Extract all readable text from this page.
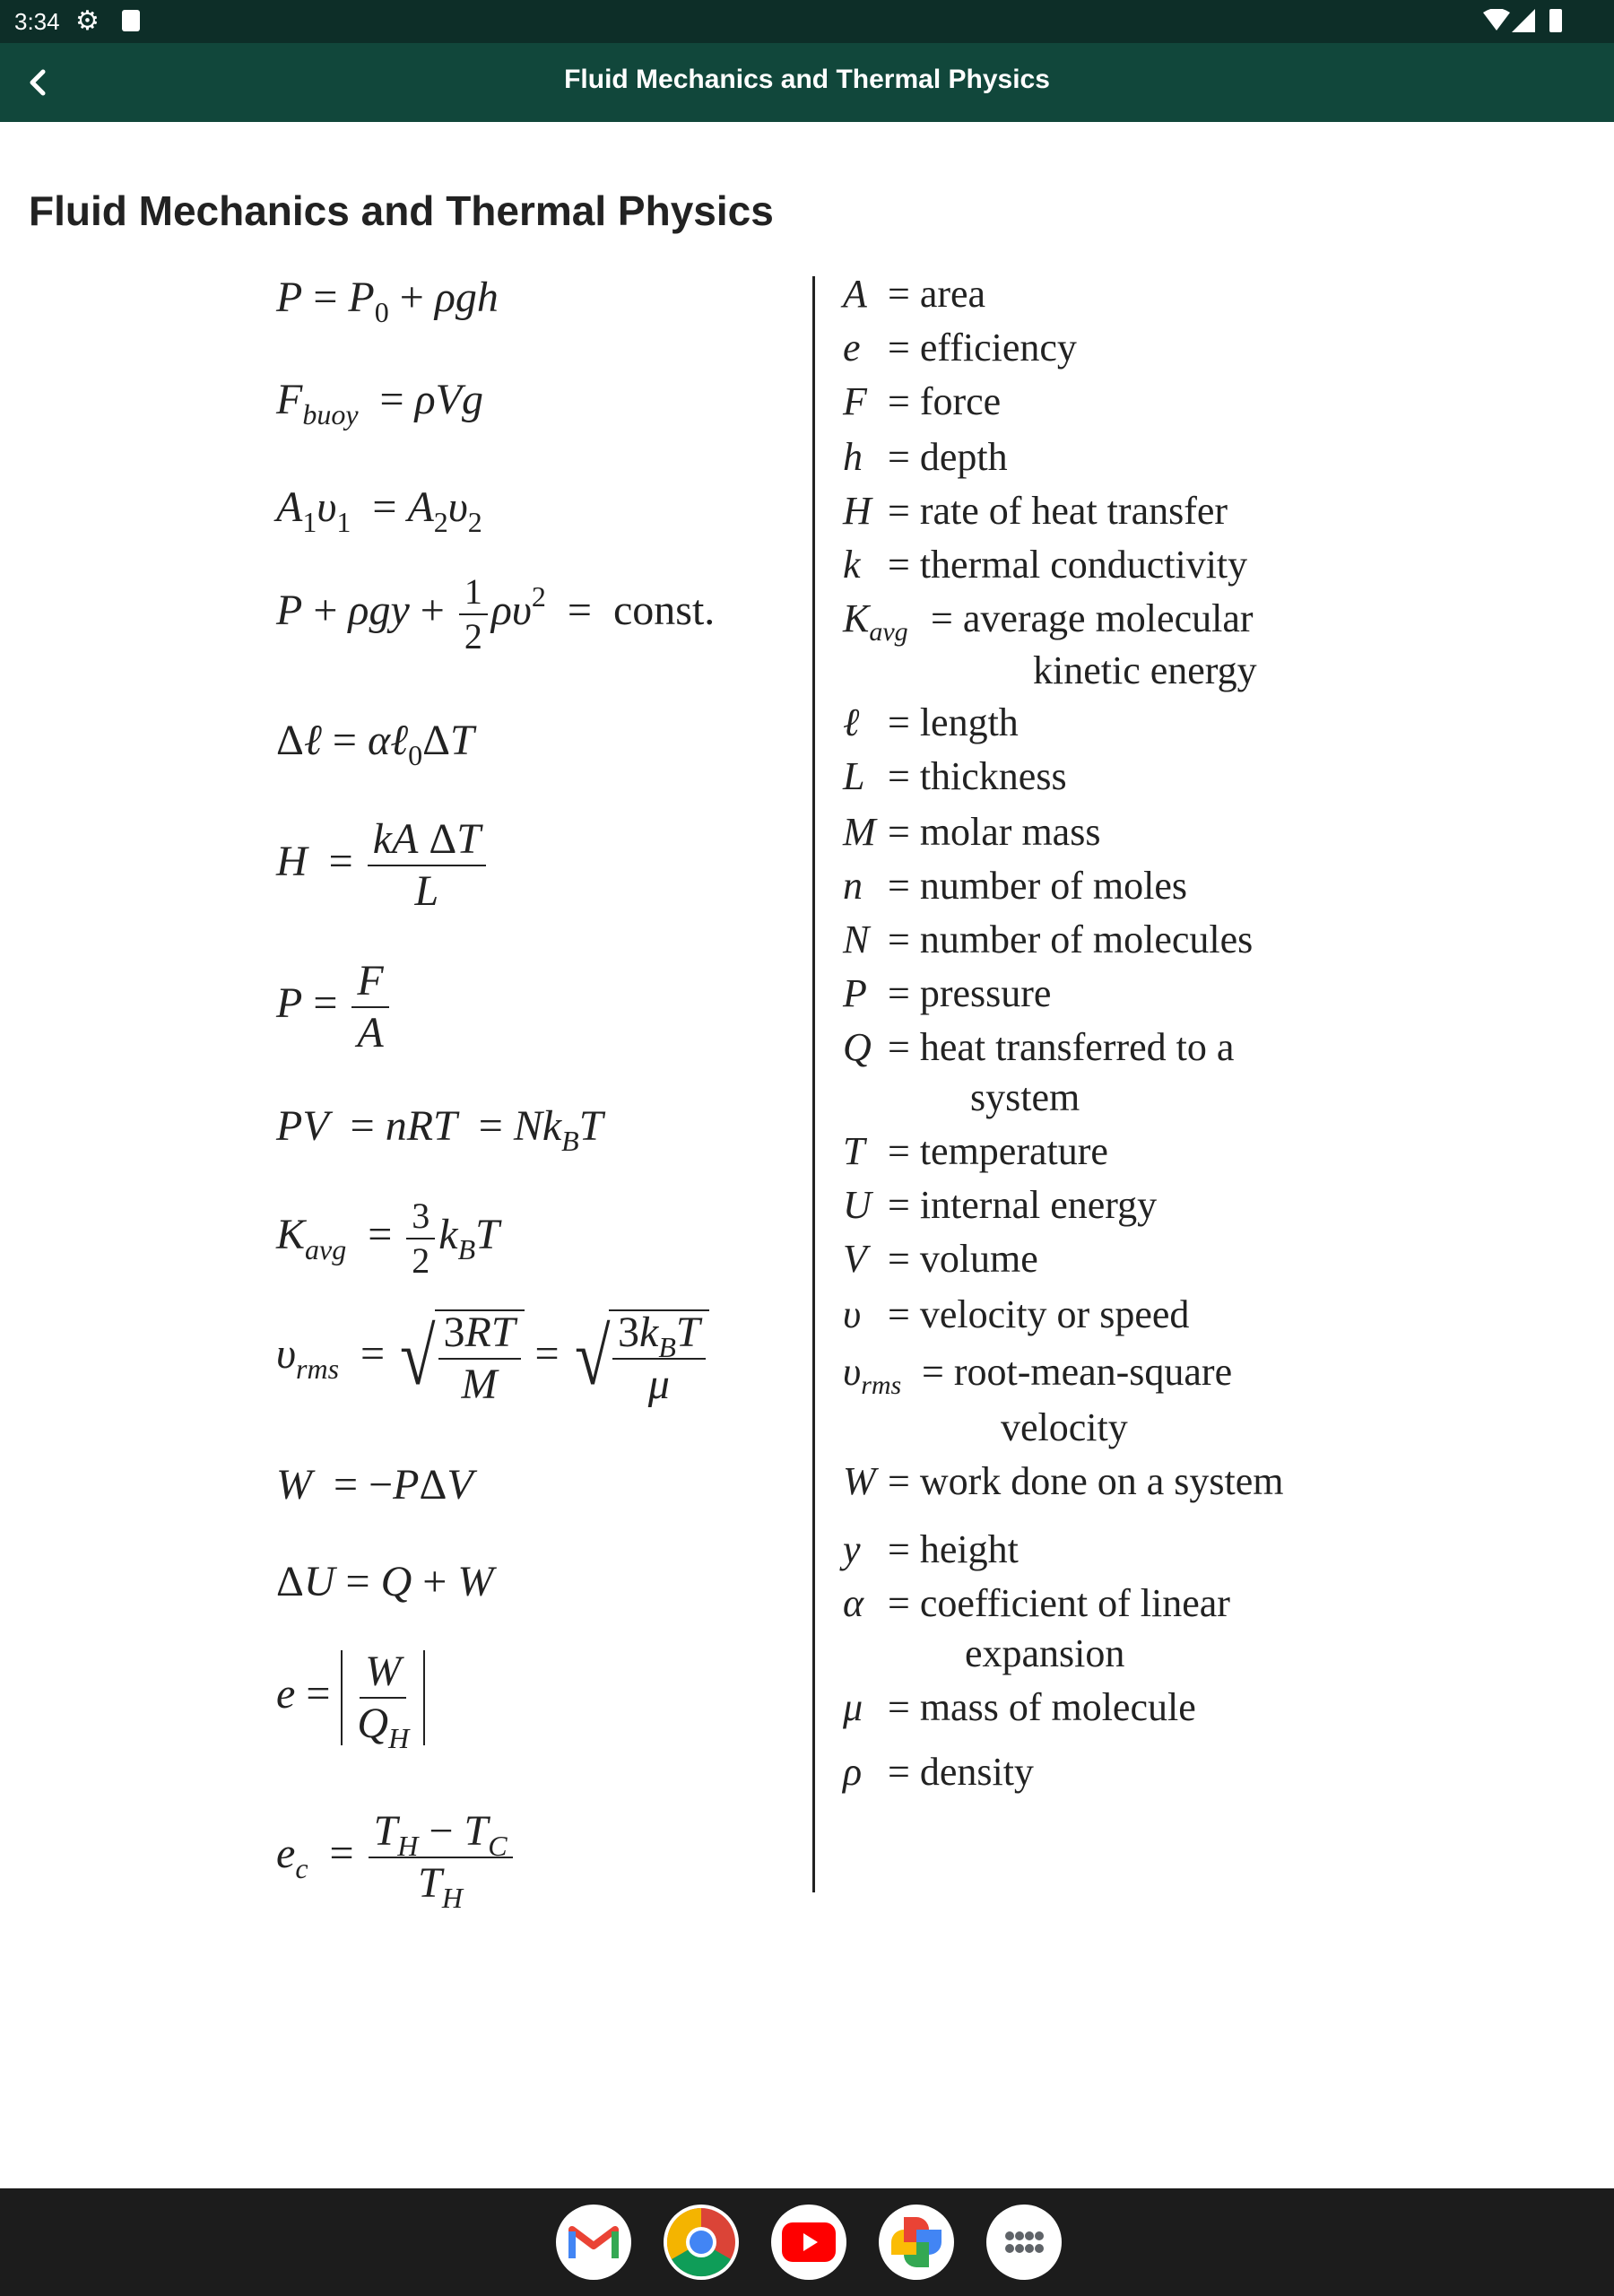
3:34 ⚙
Fluid Mechanics and Thermal Physics
Fluid Mechanics and Thermal Physics
$P = P_0 + \rho gh$
$F_{buoy} = \rho Vg$
$A_1\upsilon_1 = A_2\upsilon_2$
$P + \rho gy + \frac{1}{2} \rho\upsilon^2$  =  const.
Δℓ = αℓ$_0$ΔT
$H = \frac{\text{kA ΔT}}{L}$
$P = \frac{F}{A}$
PV  = nRT  = $Nk_BT$
$K_{avg} = \frac{3}{2} k_BT$
$\upsilon_{rms}$  = √ $\frac{3RT}{M}$ = √ $\frac{3k_BT}{\mu}$
W  = −PΔV
ΔU = Q + W
$e = \frac{W}{Q_H}$
$e_c = \frac{T_H - T_C}{T_H}$
A = area
e = efficiency
F = force
h = depth
H = rate of heat transfer
k = thermal conductivity
$K_{avg}$ = average molecular
kinetic energy
ℓ = length
L = thickness
M = molar mass
n = number of moles
N = number of molecules
P = pressure
Q = heat transferred to a
system
T = temperature
U = internal energy
V = volume
υ = velocity or speed
$\upsilon_{rms}$ = root-mean-square
velocity
W = work done on a system
y = height
α = coefficient of linear
expansion
μ = mass of molecule
ρ = density
